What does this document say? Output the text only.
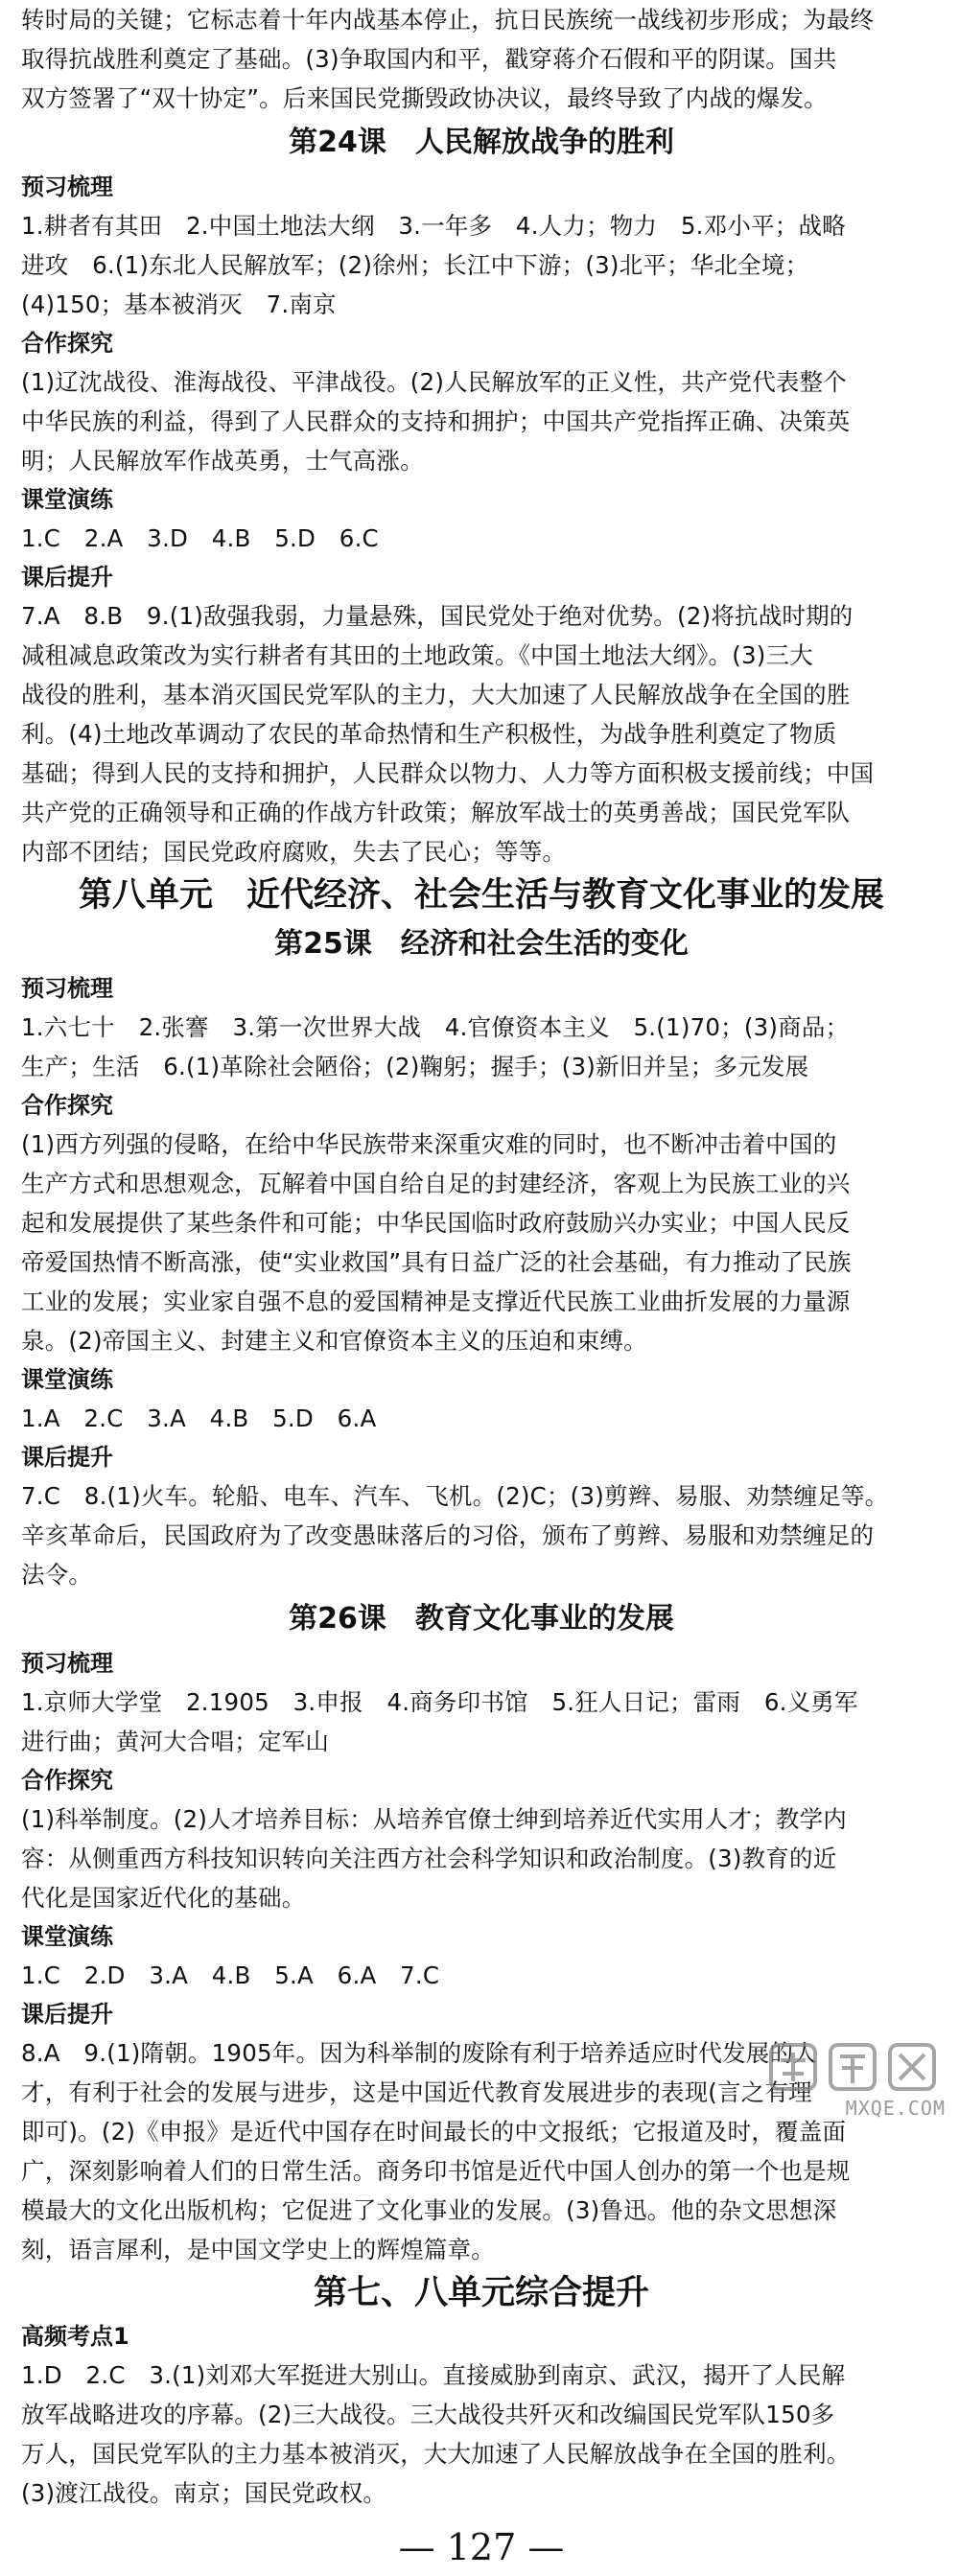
转时局的关键；它标志着十年内战基本停止，抗日民族统一战线初步形成；为最终
取得抗战胜利奠定了基础。(3)争取国内和平，戳穿蒋介石假和平的阴谋。国共
双方签署了“双十协定”。后来国民党撕毁政协决议，最终导致了内战的爆发。
第24课　人民解放战争的胜利
预习梳理
1.耕者有其田　2.中国土地法大纲　3.一年多　4.人力；物力　5.邓小平；战略
进攻　6.(1)东北人民解放军；(2)徐州；长江中下游；(3)北平；华北全境；
(4)150；基本被消灭　7.南京
合作探究
(1)辽沈战役、淮海战役、平津战役。(2)人民解放军的正义性，共产党代表整个
中华民族的利益，得到了人民群众的支持和拥护；中国共产党指挥正确、决策英
明；人民解放军作战英勇，士气高涨。
课堂演练
1.C　2.A　3.D　4.B　5.D　6.C
课后提升
7.A　8.B　9.(1)敌强我弱，力量悬殊，国民党处于绝对优势。(2)将抗战时期的
减租减息政策改为实行耕者有其田的土地政策。《中国土地法大纲》。(3)三大
战役的胜利，基本消灭国民党军队的主力，大大加速了人民解放战争在全国的胜
利。(4)土地改革调动了农民的革命热情和生产积极性，为战争胜利奠定了物质
基础；得到人民的支持和拥护，人民群众以物力、人力等方面积极支援前线；中国
共产党的正确领导和正确的作战方针政策；解放军战士的英勇善战；国民党军队
内部不团结；国民党政府腐败，失去了民心；等等。
第八单元　近代经济、社会生活与教育文化事业的发展
第25课　经济和社会生活的变化
预习梳理
1.六七十　2.张謇　3.第一次世界大战　4.官僚资本主义　5.(1)70；(3)商品；
生产；生活　6.(1)革除社会陋俗；(2)鞠躬；握手；(3)新旧并呈；多元发展
合作探究
(1)西方列强的侵略，在给中华民族带来深重灾难的同时，也不断冲击着中国的
生产方式和思想观念，瓦解着中国自给自足的封建经济，客观上为民族工业的兴
起和发展提供了某些条件和可能；中华民国临时政府鼓励兴办实业；中国人民反
帝爱国热情不断高涨，使“实业救国”具有日益广泛的社会基础，有力推动了民族
工业的发展；实业家自强不息的爱国精神是支撑近代民族工业曲折发展的力量源
泉。(2)帝国主义、封建主义和官僚资本主义的压迫和束缚。
课堂演练
1.A　2.C　3.A　4.B　5.D　6.A
课后提升
7.C　8.(1)火车。轮船、电车、汽车、飞机。(2)C；(3)剪辫、易服、劝禁缠足等。
辛亥革命后，民国政府为了改变愚昧落后的习俗，颁布了剪辫、易服和劝禁缠足的
法令。
第26课　教育文化事业的发展
预习梳理
1.京师大学堂　2.1905　3.申报　4.商务印书馆　5.狂人日记；雷雨　6.义勇军
进行曲；黄河大合唱；定军山
合作探究
(1)科举制度。(2)人才培养目标：从培养官僚士绅到培养近代实用人才；教学内
容：从侧重西方科技知识转向关注西方社会科学知识和政治制度。(3)教育的近
代化是国家近代化的基础。
课堂演练
1.C　2.D　3.A　4.B　5.A　6.A　7.C
课后提升
8.A　9.(1)隋朝。1905年。因为科举制的废除有利于培养适应时代发展的人
才，有利于社会的发展与进步，这是中国近代教育发展进步的表现(言之有理
即可)。(2)《申报》是近代中国存在时间最长的中文报纸；它报道及时，覆盖面
广，深刻影响着人们的日常生活。商务印书馆是近代中国人创办的第一个也是规
模最大的文化出版机构；它促进了文化事业的发展。(3)鲁迅。他的杂文思想深
刻，语言犀利，是中国文学史上的辉煌篇章。
第七、八单元综合提升
高频考点1
1.D　2.C　3.(1)刘邓大军挺进大别山。直接威胁到南京、武汉，揭开了人民解
放军战略进攻的序幕。(2)三大战役。三大战役共歼灭和改编国民党军队150多
万人，国民党军队的主力基本被消灭，大大加速了人民解放战争在全国的胜利。
(3)渡江战役。南京；国民党政权。
— 127 —
MXQE.COM
